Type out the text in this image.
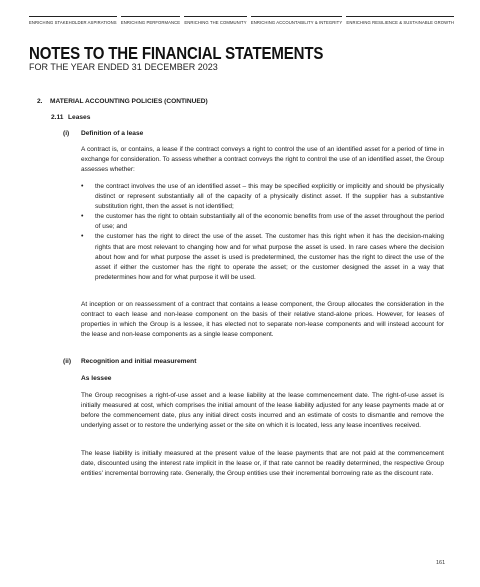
ENRICHING STAKEHOLDER ASPIRATIONS ENRICHING PERFORMANCE ENRICHING THE COMMUNITY ENRICHING ACCOUNTABILITY & INTEGRITY ENRICHING RESILIENCE & SUSTAINABLE GROWTH
NOTES TO THE FINANCIAL STATEMENTS
FOR THE YEAR ENDED 31 DECEMBER 2023
2. MATERIAL ACCOUNTING POLICIES (CONTINUED)
2.11 Leases
(i) Definition of a lease

A contract is, or contains, a lease if the contract conveys a right to control the use of an identified asset for a period of time in exchange for consideration. To assess whether a contract conveys the right to control the use of an identified asset, the Group assesses whether:

• the contract involves the use of an identified asset – this may be specified explicitly or implicitly and should be physically distinct or represent substantially all of the capacity of a physically distinct asset. If the supplier has a substantive substitution right, then the asset is not identified;
• the customer has the right to obtain substantially all of the economic benefits from use of the asset throughout the period of use; and
• the customer has the right to direct the use of the asset. The customer has this right when it has the decision-making rights that are most relevant to changing how and for what purpose the asset is used. In rare cases where the decision about how and for what purpose the asset is used is predetermined, the customer has the right to direct the use of the asset if either the customer has the right to operate the asset; or the customer designed the asset in a way that predetermines how and for what purpose it will be used.

At inception or on reassessment of a contract that contains a lease component, the Group allocates the consideration in the contract to each lease and non-lease component on the basis of their relative stand-alone prices. However, for leases of properties in which the Group is a lessee, it has elected not to separate non-lease components and will instead account for the lease and non-lease components as a single lease component.

(ii) Recognition and initial measurement
As lessee

The Group recognises a right-of-use asset and a lease liability at the lease commencement date. The right-of-use asset is initially measured at cost, which comprises the initial amount of the lease liability adjusted for any lease payments made at or before the commencement date, plus any initial direct costs incurred and an estimate of costs to dismantle and remove the underlying asset or to restore the underlying asset or the site on which it is located, less any lease incentives received.

The lease liability is initially measured at the present value of the lease payments that are not paid at the commencement date, discounted using the interest rate implicit in the lease or, if that rate cannot be readily determined, the respective Group entities' incremental borrowing rate. Generally, the Group entities use their incremental borrowing rate as the discount rate.

161
